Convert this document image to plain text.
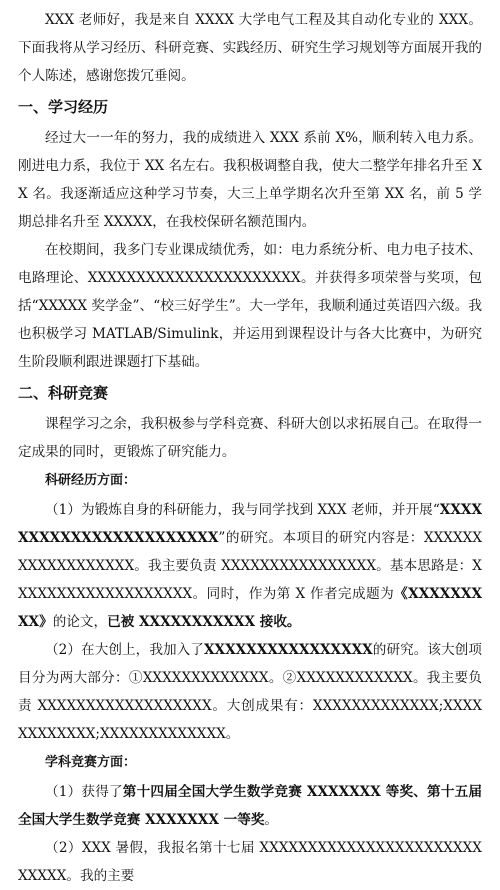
XXX 老师好，我是来自 XXXX 大学电气工程及其自动化专业的 XXX。下面我将从学习经历、科研竞赛、实践经历、研究生学习规划等方面展开我的个人陈述，感谢您拨冗垂阅。

一、学习经历

经过大一一年的努力，我的成绩进入 XXX 系前 X%，顺利转入电力系。刚进电力系，我位于 XX 名左右。我积极调整自我，使大二整学年排名升至 XX 名。我逐渐适应这种学习节奏，大三上单学期名次升至第 XX 名，前 5 学期总排名升至 XXXXX，在我校保研名额范围内。

在校期间，我多门专业课成绩优秀，如：电力系统分析、电力电子技术、电路理论、XXXXXXXXXXXXXXXXXXXXXX。并获得多项荣誉与奖项，包括“XXXXX 奖学金”、“校三好学生”。大一学年，我顺利通过英语四六级。我也积极学习 MATLAB/Simulink，并运用到课程设计与各大比赛中，为研究生阶段顺利跟进课题打下基础。

二、科研竞赛

课程学习之余，我积极参与学科竞赛、科研大创以求拓展自己。在取得一定成果的同时，更锻炼了研究能力。

科研经历方面：

（1）为锻炼自身的科研能力，我与同学找到 XXX 老师，并开展“XXXXXXXXXXXXXXXXXXXXXXX”的研究。本项目的研究内容是：XXXXXXXXXXXXXXXXXX。我主要负责 XXXXXXXXXXXXXXXX。基本思路是：XXXXXXXXXXXXXXXXXXX。同时，作为第 X 作者完成题为《XXXXXXXXX》的论文，已被 XXXXXXXXXXX 接收。

（2）在大创上，我加入了XXXXXXXXXXXXXXXX的研究。该大创项目分为两大部分：①XXXXXXXXXXXXX。②XXXXXXXXXXXX。我主要负责 XXXXXXXXXXXXXXXXXX。大创成果有：XXXXXXXXXXXXX;XXXXXXXXXXXX;XXXXXXXXXXXXX。

学科竞赛方面：

（1）获得了第十四届全国大学生数学竞赛 XXXXXXX 等奖、第十五届全国大学生数学竞赛 XXXXXXX 一等奖。

（2）XXX 暑假，我报名第十七届 XXXXXXXXXXXXXXXXXXXXXXXXXXXX。我的主要
